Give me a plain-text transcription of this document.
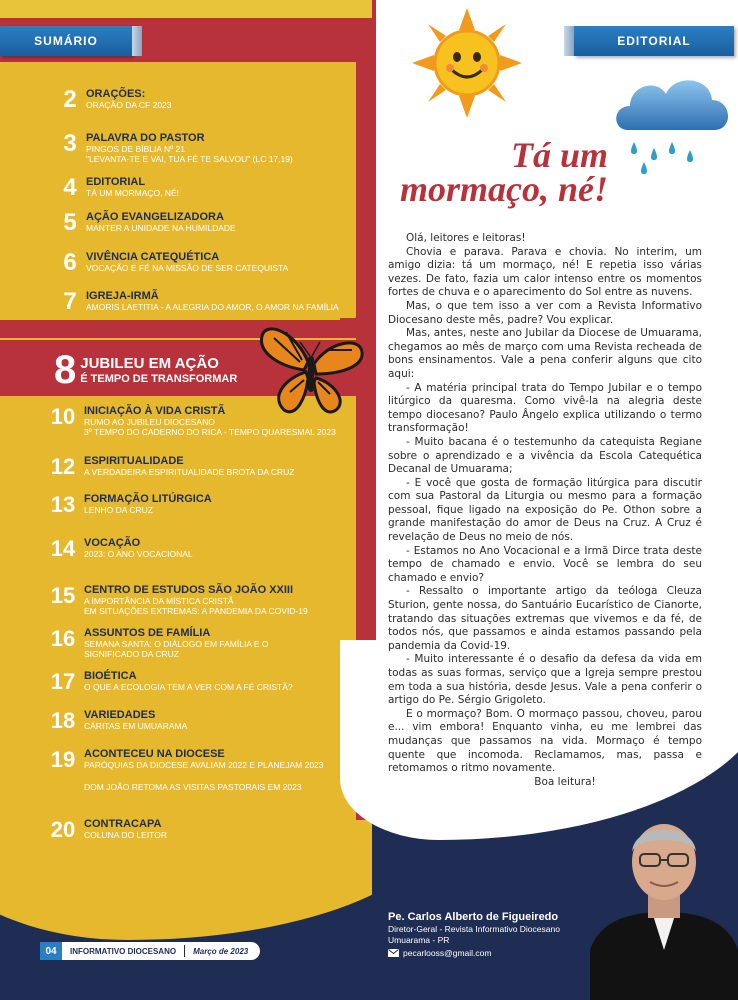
SUMÁRIO
2 ORAÇÕES:
ORAÇÃO DA CF 2023
3 PALAVRA DO PASTOR
PINGOS DE BÍBLIA Nº 21
"LEVANTA-TE E VAI, TUA FÉ TE SALVOU" (LC 17,19)
4 EDITORIAL
TÁ UM MORMAÇO, NÉ!
5 AÇÃO EVANGELIZADORA
MANTER A UNIDADE NA HUMILDADE
6 VIVÊNCIA CATEQUÉTICA
VOCAÇÃO E FÉ NA MISSÃO DE SER CATEQUISTA
7 IGREJA-IRMÃ
AMORIS LAETITIA - A ALEGRIA DO AMOR, O AMOR NA FAMÍLIA
8 JUBILEU EM AÇÃO
É TEMPO DE TRANSFORMAR
10 INICIAÇÃO À VIDA CRISTÃ
RUMO AO JUBILEU DIOCESANO
3º TEMPO DO CADERNO DO RICA - TEMPO QUARESMAL 2023
12 ESPIRITUALIDADE
A VERDADEIRA ESPIRITUALIDADE BROTA DA CRUZ
13 FORMAÇÃO LITÚRGICA
LENHO DA CRUZ
14 VOCAÇÃO
2023: O ANO VOCACIONAL
15 CENTRO DE ESTUDOS SÃO JOÃO XXIII
A IMPORTÂNCIA DA MÍSTICA CRISTÃ
EM SITUAÇÕES EXTREMAS: A PANDEMIA DA COVID-19
16 ASSUNTOS DE FAMÍLIA
SEMANA SANTA: O DIÁLOGO EM FAMÍLIA E O
SIGNIFICADO DA CRUZ
17 BIOÉTICA
O QUE A ECOLOGIA TEM A VER COM A FÉ CRISTÃ?
18 VARIEDADES
CÁRITAS EM UMUARAMA
19 ACONTECEU NA DIOCESE
PARÓQUIAS DA DIOCESE AVALIAM 2022 E PLANEJAM 2023
DOM JOÃO RETOMA AS VISITAS PASTORAIS EM 2023
20 CONTRACAPA
COLUNA DO LEITOR
04	INFORMATIVO DIOCESANO Março de 2023
EDITORIAL
Tá um
mormaço, né!

Olá, leitores e leitoras!

Chovia e parava. Parava e chovia. No interim, um amigo dizia: tá um mormaço, né! E repetia isso várias vezes. De fato, fazia um calor intenso entre os momentos fortes de chuva e o aparecimento do Sol entre as nuvens.

Mas, o que tem isso a ver com a Revista Informativo Diocesano deste mês, padre? Vou explicar.

Mas, antes, neste ano Jubilar da Diocese de Umuarama, chegamos ao mês de março com uma Revista recheada de bons ensinamentos. Vale a pena conferir alguns que cito aqui:

- A matéria principal trata do Tempo Jubilar e o tempo litúrgico da quaresma. Como vivê-la na alegria deste tempo diocesano? Paulo Ângelo explica utilizando o termo transformação!

- Muito bacana é o testemunho da catequista Regiane sobre o aprendizado e a vivência da Escola Catequética Decanal de Umuarama;

- E você que gosta de formação litúrgica para discutir com sua Pastoral da Liturgia ou mesmo para a formação pessoal, fique ligado na exposição do Pe. Othon sobre a grande manifestação do amor de Deus na Cruz. A Cruz é revelação de Deus no meio de nós.

- Estamos no Ano Vocacional e a Irmã Dirce trata deste tempo de chamado e envio. Você se lembra do seu chamado e envio?

- Ressalto o importante artigo da teóloga Cleuza Sturion, gente nossa, do Santuário Eucarístico de Cianorte, tratando das situações extremas que vivemos e da fé, de todos nós, que passamos e ainda estamos passando pela pandemia da Covid-19.

- Muito interessante é o desafio da defesa da vida em todas as suas formas, serviço que a Igreja sempre prestou em toda a sua história, desde Jesus. Vale a pena conferir o artigo do Pe. Sérgio Grigoleto.

E o mormaço? Bom. O mormaço passou, choveu, parou e... vim embora! Enquanto vinha, eu me lembrei das mudanças que passamos na vida. Mormaço é tempo quente que incomoda. Reclamamos, mas, passa e retomamos o ritmo novamente.

Boa leitura!

Pe. Carlos Alberto de Figueiredo
Diretor-Geral - Revista Informativo Diocesano
Umuarama - PR
pecarlooss@gmail.com
